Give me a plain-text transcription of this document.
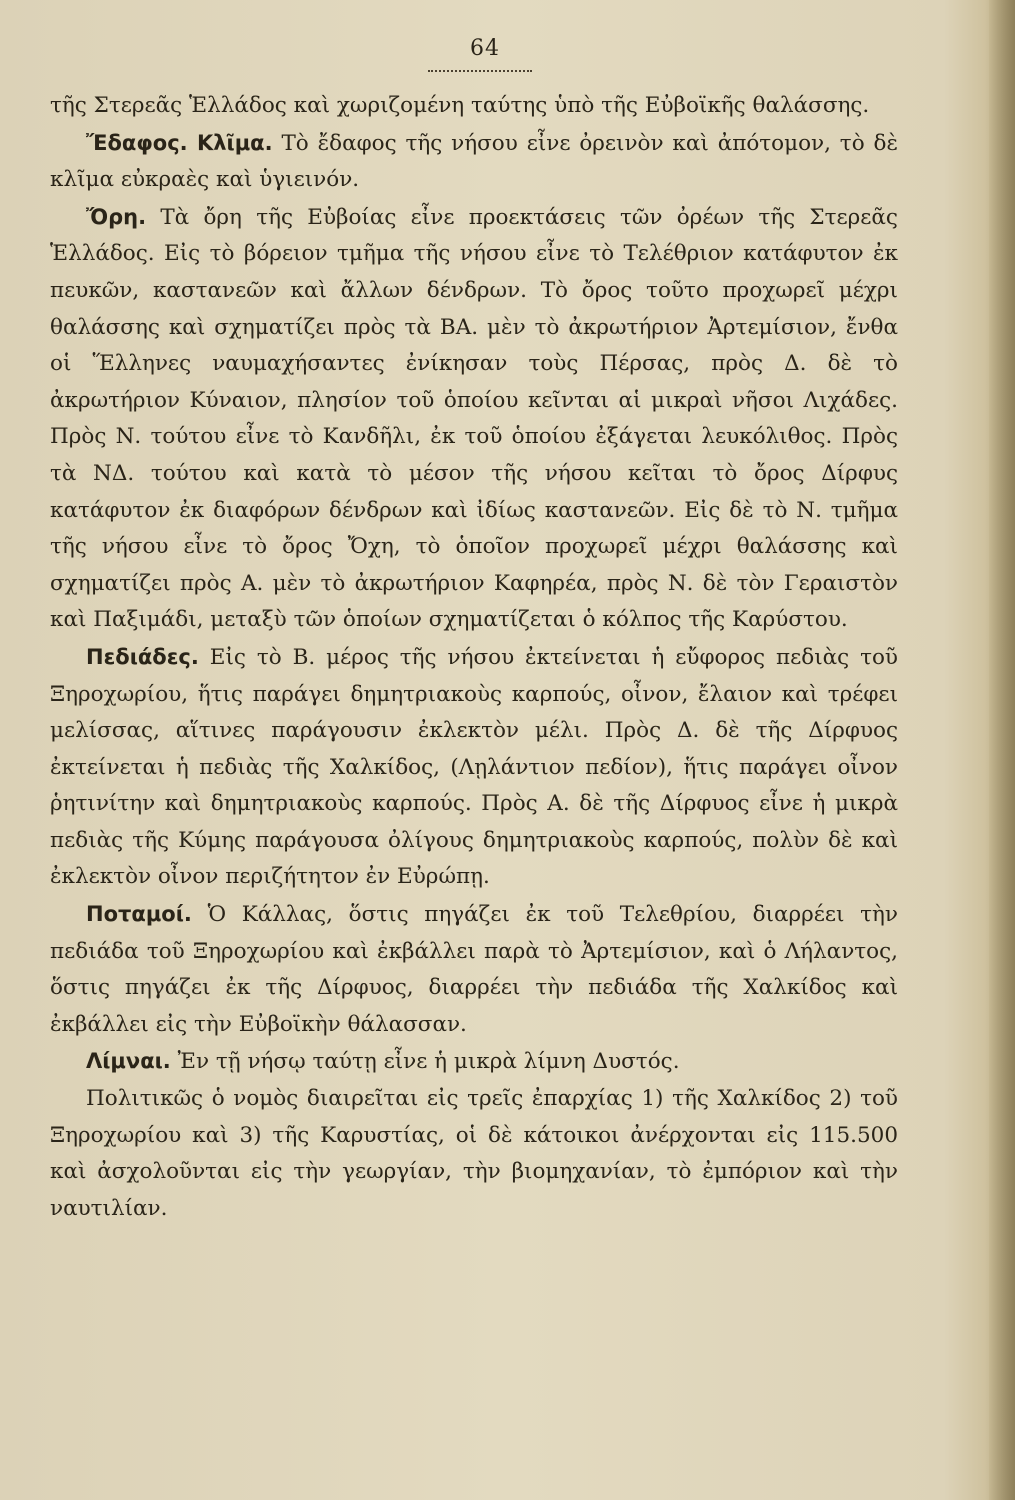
64

τῆς Στερεᾶς Ἑλλάδος καὶ χωριζομένη ταύτης ὑπὸ τῆς Εὐβοϊκῆς θαλάσσης.

Ἔδαφος. Κλῖμα. Τὸ ἔδαφος τῆς νήσου εἶνε ὀρεινὸν καὶ ἀπότομον, τὸ δὲ κλῖμα εὐκραὲς καὶ ὑγιεινόν.

Ὄρη. Τὰ ὄρη τῆς Εὐβοίας εἶνε προεκτάσεις τῶν ὀρέων τῆς Στερεᾶς Ἑλλάδος. Εἰς τὸ βόρειον τμῆμα τῆς νήσου εἶνε τὸ Τελέθριον κατάφυτον ἐκ πευκῶν, καστανεῶν καὶ ἄλλων δένδρων. Τὸ ὄρος τοῦτο προχωρεῖ μέχρι θαλάσσης καὶ σχηματίζει πρὸς τὰ ΒΑ. μὲν τὸ ἀκρωτήριον Ἀρτεμίσιον, ἔνθα οἱ Ἕλληνες ναυμαχήσαντες ἐνίκησαν τοὺς Πέρσας, πρὸς Δ. δὲ τὸ ἀκρωτήριον Κύναιον, πλησίον τοῦ ὁποίου κεῖνται αἱ μικραὶ νῆσοι Λιχάδες. Πρὸς Ν. τούτου εἶνε τὸ Κανδῆλι, ἐκ τοῦ ὁποίου ἐξάγεται λευκόλιθος. Πρὸς τὰ ΝΔ. τούτου καὶ κατὰ τὸ μέσον τῆς νήσου κεῖται τὸ ὄρος Δίρφυς κατάφυτον ἐκ διαφόρων δένδρων καὶ ἰδίως καστανεῶν. Εἰς δὲ τὸ Ν. τμῆμα τῆς νήσου εἶνε τὸ ὄρος Ὄχη, τὸ ὁποῖον προχωρεῖ μέχρι θαλάσσης καὶ σχηματίζει πρὸς Α. μὲν τὸ ἀκρωτήριον Καφηρέα, πρὸς Ν. δὲ τὸν Γεραιστὸν καὶ Παξιμάδι, μεταξὺ τῶν ὁποίων σχηματίζεται ὁ κόλπος τῆς Καρύστου.

Πεδιάδες. Εἰς τὸ Β. μέρος τῆς νήσου ἐκτείνεται ἡ εὔφορος πεδιὰς τοῦ Ξηροχωρίου, ἥτις παράγει δημητριακοὺς καρπούς, οἶνον, ἔλαιον καὶ τρέφει μελίσσας, αἵτινες παράγουσιν ἐκλεκτὸν μέλι. Πρὸς Δ. δὲ τῆς Δίρφυος ἐκτείνεται ἡ πεδιὰς τῆς Χαλκίδος, (Λῃλάντιον πεδίον), ἥτις παράγει οἶνον ῥητινίτην καὶ δημητριακοὺς καρπούς. Πρὸς Α. δὲ τῆς Δίρφυος εἶνε ἡ μικρὰ πεδιὰς τῆς Κύμης παράγουσα ὀλίγους δημητριακοὺς καρπούς, πολὺν δὲ καὶ ἐκλεκτὸν οἶνον περιζήτητον ἐν Εὐρώπῃ.

Ποταμοί. Ὁ Κάλλας, ὅστις πηγάζει ἐκ τοῦ Τελεθρίου, διαρρέει τὴν πεδιάδα τοῦ Ξηροχωρίου καὶ ἐκβάλλει παρὰ τὸ Ἀρτεμίσιον, καὶ ὁ Λήλαντος, ὅστις πηγάζει ἐκ τῆς Δίρφυος, διαρρέει τὴν πεδιάδα τῆς Χαλκίδος καὶ ἐκβάλλει εἰς τὴν Εὐβοϊκὴν θάλασσαν.

Λίμναι. Ἐν τῇ νήσῳ ταύτῃ εἶνε ἡ μικρὰ λίμνη Δυστός.

Πολιτικῶς ὁ νομὸς διαιρεῖται εἰς τρεῖς ἐπαρχίας 1) τῆς Χαλκίδος 2) τοῦ Ξηροχωρίου καὶ 3) τῆς Καρυστίας, οἱ δὲ κάτοικοι ἀνέρχονται εἰς 115.500 καὶ ἀσχολοῦνται εἰς τὴν γεωργίαν, τὴν βιομηχανίαν, τὸ ἐμπόριον καὶ τὴν ναυτιλίαν.
